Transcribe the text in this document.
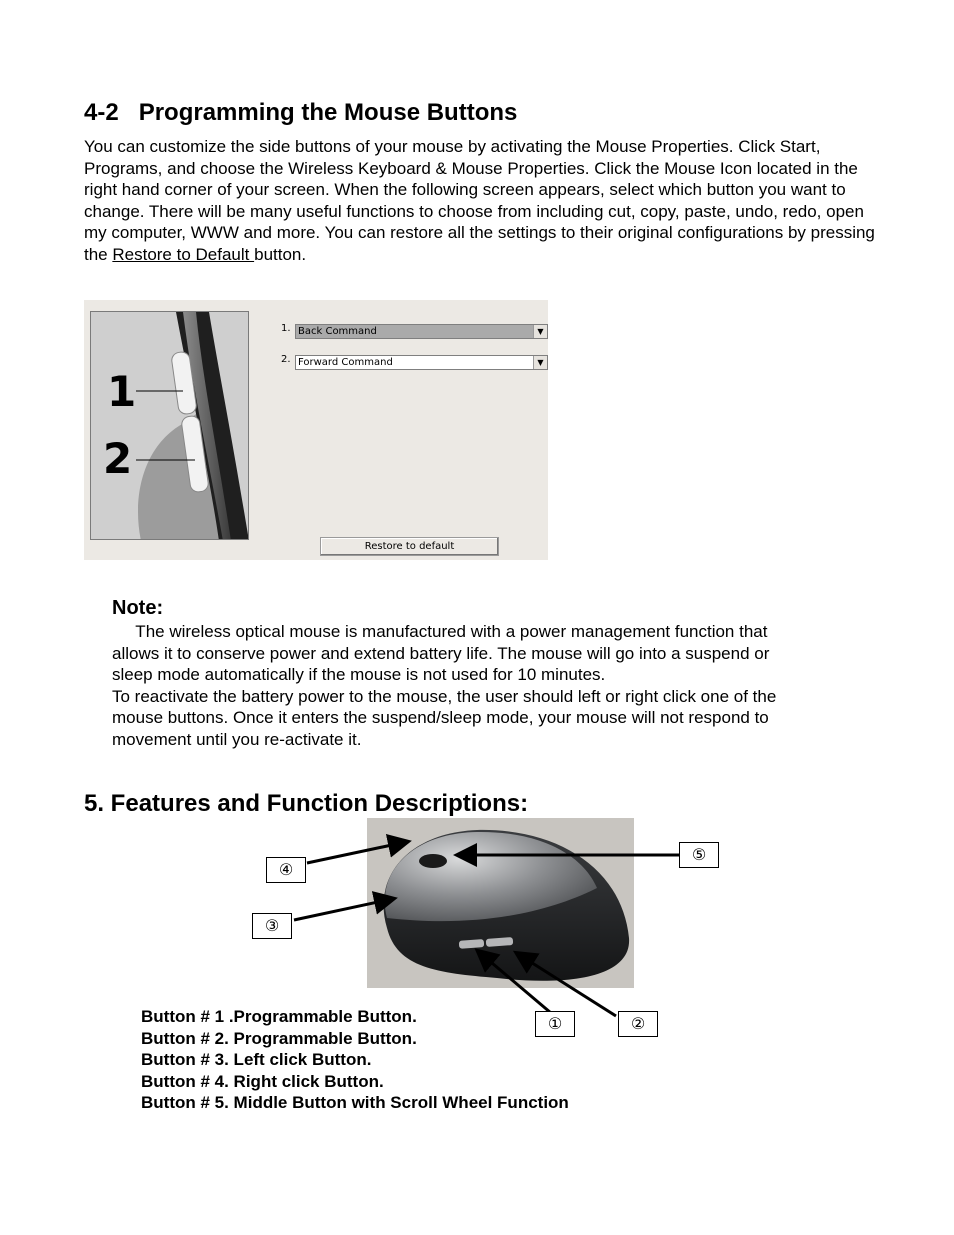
4-2   Programming the Mouse Buttons
You can customize the side buttons of your mouse by activating the Mouse Properties. Click Start, Programs, and choose the Wireless Keyboard & Mouse Properties. Click the Mouse Icon located in the right hand corner of your screen. When the following screen appears, select which button you want to change. There will be many useful functions to choose from including cut, copy, paste, undo, redo, open my computer, WWW and more. You can restore all the settings to their original configurations by pressing the Restore to Default button.
1
2
1. Back Command	▼
2. Forward Command	▼
Restore to default
Note:
The wireless optical mouse is manufactured with a power management function that
allows it to conserve power and extend battery life. The mouse will go into a suspend or
sleep mode automatically if the mouse is not used for 10 minutes.
To reactivate the battery power to the mouse, the user should left or right click one of the
mouse buttons. Once it enters the suspend/sleep mode, your mouse will not respond to
movement until you re-activate it.
5. Features and Function Descriptions:
④
③
⑤
①	②
Button # 1 .Programmable Button.
Button # 2. Programmable Button.
Button # 3. Left click Button.
Button # 4. Right click Button.
Button # 5. Middle Button with Scroll Wheel Function
